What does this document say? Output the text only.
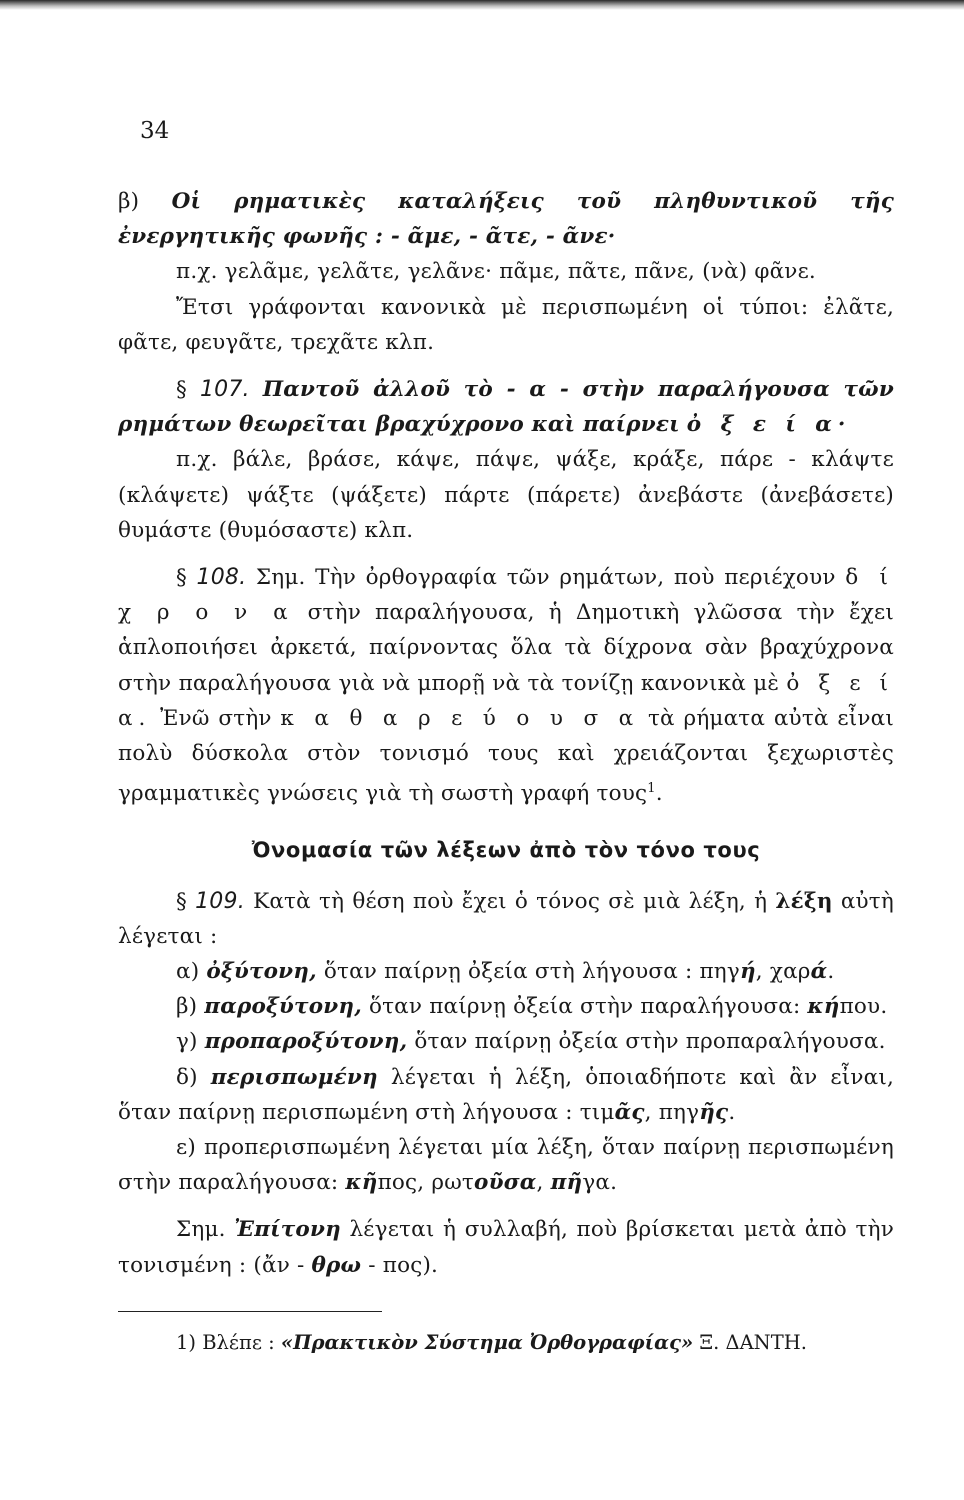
34

β) Οἱ ρηματικὲς καταλήξεις τοῦ πληθυντικοῦ τῆς ἐνεργητικῆς φωνῆς : - ᾶμε, - ᾶτε, - ᾶνε·

π.χ. γελᾶμε, γελᾶτε, γελᾶνε· πᾶμε, πᾶτε, πᾶνε, (νὰ) φᾶνε.

Ἔτσι γράφονται κανονικὰ μὲ περισπωμένη οἱ τύποι: ἐλᾶτε, φᾶτε, φευγᾶτε, τρεχᾶτε κλπ.

§ 107. Παντοῦ ἀλλοῦ τὸ - α - στὴν παραλήγουσα τῶν ρημάτων θεωρεῖται βραχύχρονο καὶ παίρνει ὀ ξ ε ί α·

π.χ. βάλε, βράσε, κάψε, πάψε, ψάξε, κράξε, πάρε - κλάψτε (κλάψετε) ψάξτε (ψάξετε) πάρτε (πάρετε) ἀνεβάστε (ἀνεβάσετε) θυμάστε (θυμόσαστε) κλπ.

§ 108. Σημ. Τὴν ὀρθογραφία τῶν ρημάτων, ποὺ περιέχουν δ ί χ ρ ο ν α στὴν παραλήγουσα, ἡ Δημοτικὴ γλῶσσα τὴν ἔχει ἁπλοποιήσει ἀρκετά, παίρνοντας ὅλα τὰ δίχρονα σὰν βραχύχρονα στὴν παραλήγουσα γιὰ νὰ μπορῇ νὰ τὰ τονίζῃ κανονικὰ μὲ ὀ ξ ε ί α. Ἐνῶ στὴν κ α θ α ρ ε ύ ο υ σ α τὰ ρήματα αὐτὰ εἶναι πολὺ δύσκολα στὸν τονισμό τους καὶ χρειάζονται ξεχωριστὲς γραμματικὲς γνώσεις γιὰ τὴ σωστὴ γραφή τους$^1$.

Ὀνομασία τῶν λέξεων ἀπὸ τὸν τόνο τους

§ 109. Κατὰ τὴ θέση ποὺ ἔχει ὁ τόνος σὲ μιὰ λέξη, ἡ λέξη αὐτὴ λέγεται :

α) ὀξύτονη, ὅταν παίρνῃ ὀξεία στὴ λήγουσα : πηγή, χαρά.

β) παροξύτονη, ὅταν παίρνῃ ὀξεία στὴν παραλήγουσα: κήπου.

γ) προπαροξύτονη, ὅταν παίρνῃ ὀξεία στὴν προπαραλήγουσα.

δ) περισπωμένη λέγεται ἡ λέξη, ὁποιαδήποτε καὶ ἂν εἶναι, ὅταν παίρνῃ περισπωμένη στὴ λήγουσα : τιμᾶς, πηγῆς.

ε) προπερισπωμένη λέγεται μία λέξη, ὅταν παίρνῃ περισπωμένη στὴν παραλήγουσα: κῆπος, ρωτοῦσα, πῆγα.

Σημ. Ἐπίτονη λέγεται ἡ συλλαβή, ποὺ βρίσκεται μετὰ ἀπὸ τὴν τονισμένη : (ἄν - θρω - πος).

1) Βλέπε : «Πρακτικὸν Σύστημα Ὀρθογραφίας» Ξ. ΔΑΝΤΗ.
